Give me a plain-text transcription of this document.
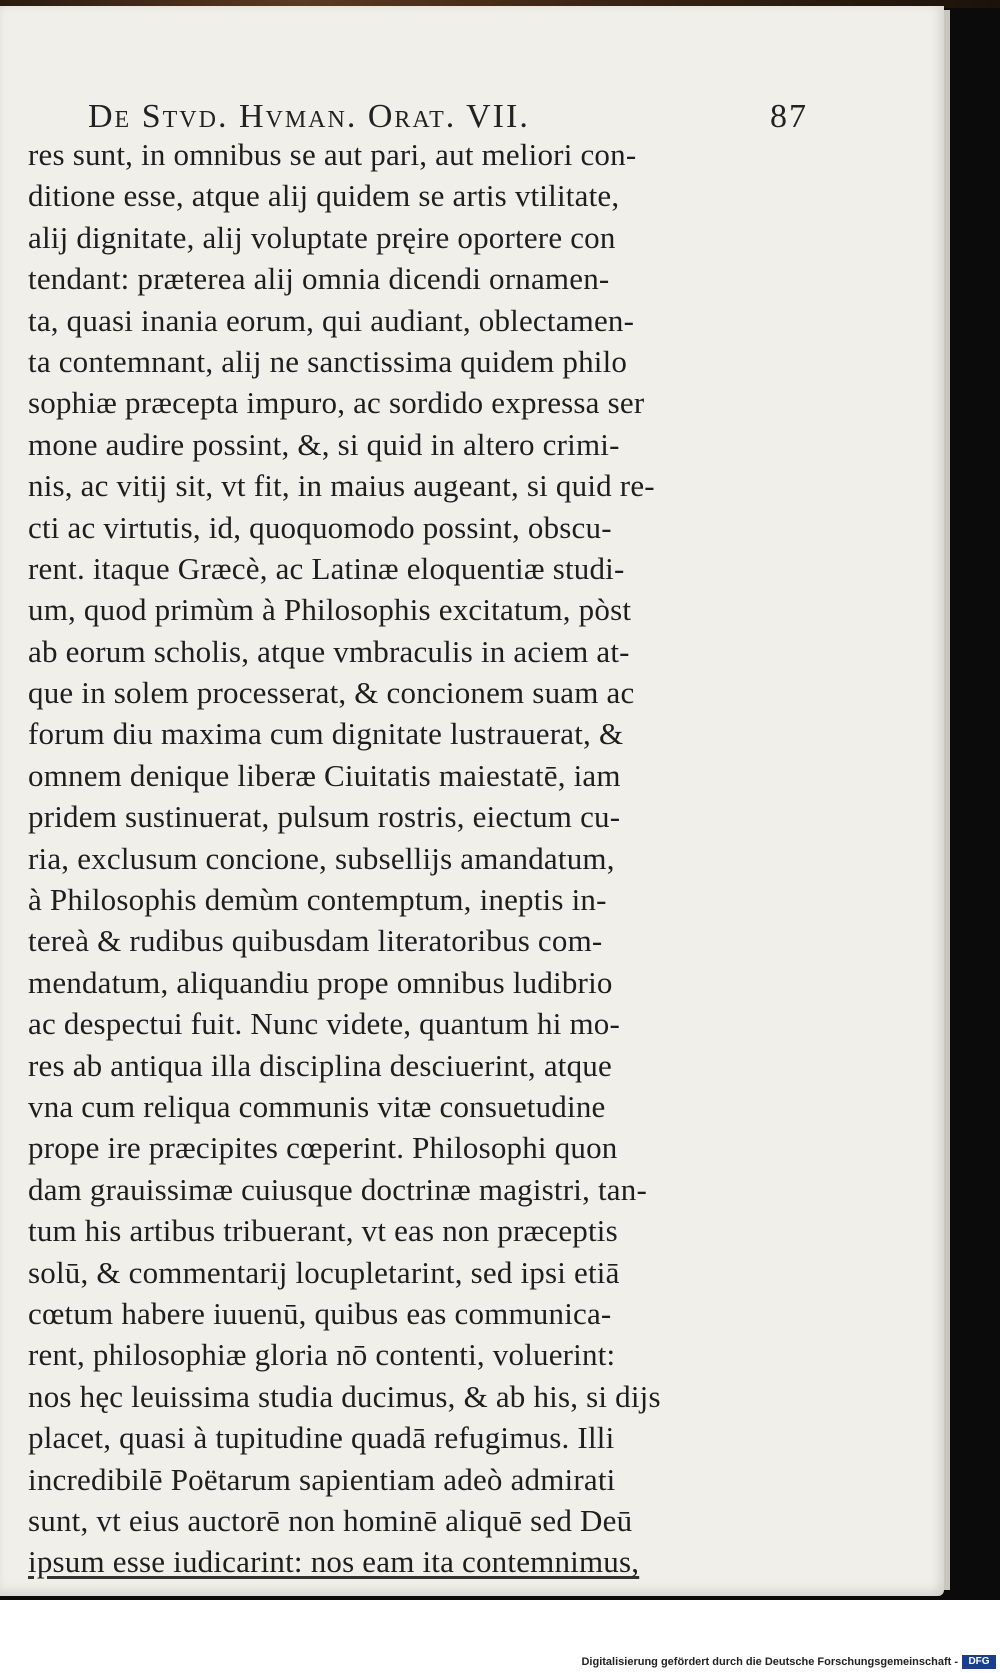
De Stvd. Hvman. Orat. VII.	87
res sunt, in omnibus se aut pari, aut meliori con-
ditione esse, atque alij quidem se artis vtilitate,
alij dignitate, alij voluptate pręire oportere con
tendant: præterea alij omnia dicendi ornamen-
ta, quasi inania eorum, qui audiant, oblectamen-
ta contemnant, alij ne sanctissima quidem philo
sophiæ præcepta impuro, ac sordido expressa ser
mone audire possint, &, si quid in altero crimi-
nis, ac vitij sit, vt fit, in maius augeant, si quid re-
cti ac virtutis, id, quoquomodo possint, obscu-
rent. itaque Græcè, ac Latinæ eloquentiæ studi-
um, quod primùm à Philosophis excitatum, pòst
ab eorum scholis, atque vmbraculis in aciem at-
que in solem processerat, & concionem suam ac
forum diu maxima cum dignitate lustrauerat, &
omnem denique liberæ Ciuitatis maiestatē, iam
pridem sustinuerat, pulsum rostris, eiectum cu-
ria, exclusum concione, subsellijs amandatum,
à Philosophis demùm contemptum, ineptis in-
tereà & rudibus quibusdam literatoribus com-
mendatum, aliquandiu prope omnibus ludibrio
ac despectui fuit. Nunc videte, quantum hi mo-
res ab antiqua illa disciplina desciuerint, atque
vna cum reliqua communis vitæ consuetudine
prope ire præcipites cœperint. Philosophi quon
dam grauissimæ cuiusque doctrinæ magistri, tan-
tum his artibus tribuerant, vt eas non præceptis
solū, & commentarij locupletarint, sed ipsi etiā
cœtum habere iuuenū, quibus eas communica-
rent, philosophiæ gloria nō contenti, voluerint:
nos hęc leuissima studia ducimus, & ab his, si dijs
placet, quasi à tupitudine quadā refugimus. Illi
incredibilē Poëtarum sapientiam adeò admirati
sunt, vt eius auctorē non hominē aliquē sed Deū
ipsum esse iudicarint: nos eam ita contemnimus,
Digitalisierung gefördert durch die Deutsche Forschungsgemeinschaft -	DFG
